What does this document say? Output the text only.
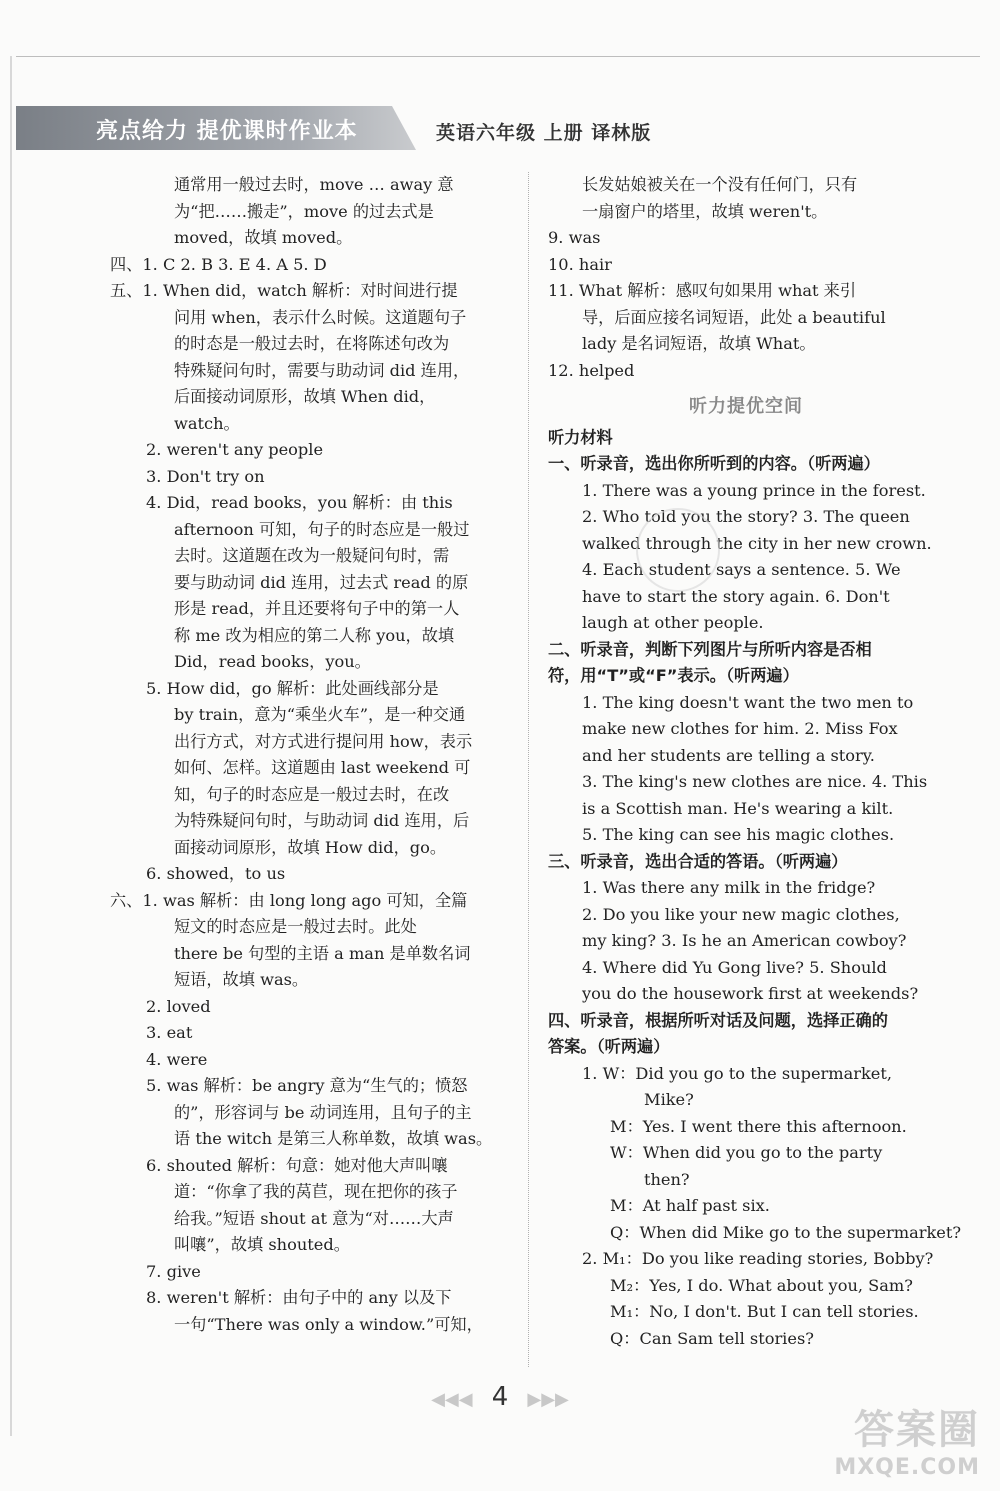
亮点给力 提优课时作业本	英语六年级 上册 译林版
通常用一般过去时，move … away 意
为“把……搬走”，move 的过去式是
moved，故填 moved。
四、1. C 2. B 3. E 4. A 5. D
五、1. When did，watch 解析：对时间进行提
问用 when，表示什么时候。这道题句子
的时态是一般过去时，在将陈述句改为
特殊疑问句时，需要与助动词 did 连用，
后面接动词原形，故填 When did，
watch。
2. weren't any people
3. Don't try on
4. Did，read books，you 解析：由 this
afternoon 可知，句子的时态应是一般过
去时。这道题在改为一般疑问句时，需
要与助动词 did 连用，过去式 read 的原
形是 read，并且还要将句子中的第一人
称 me 改为相应的第二人称 you，故填
Did，read books，you。
5. How did，go 解析：此处画线部分是
by train，意为“乘坐火车”，是一种交通
出行方式，对方式进行提问用 how，表示
如何、怎样。这道题由 last weekend 可
知，句子的时态应是一般过去时，在改
为特殊疑问句时，与助动词 did 连用，后
面接动词原形，故填 How did，go。
6. showed，to us
六、1. was 解析：由 long long ago 可知，全篇
短文的时态应是一般过去时。此处
there be 句型的主语 a man 是单数名词
短语，故填 was。
2. loved
3. eat
4. were
5. was 解析：be angry 意为“生气的；愤怒
的”，形容词与 be 动词连用，且句子的主
语 the witch 是第三人称单数，故填 was。
6. shouted 解析：句意：她对他大声叫嚷
道：“你拿了我的莴苣，现在把你的孩子
给我。”短语 shout at 意为“对……大声
叫嚷”，故填 shouted。
7. give
8. weren't 解析：由句子中的 any 以及下
一句“There was only a window.”可知，
长发姑娘被关在一个没有任何门，只有
一扇窗户的塔里，故填 weren't。
9. was
10. hair
11. What 解析：感叹句如果用 what 来引
导，后面应接名词短语，此处 a beautiful
lady 是名词短语，故填 What。
12. helped
听力提优空间
听力材料
一、听录音，选出你所听到的内容。（听两遍）
1. There was a young prince in the forest.
2. Who told you the story? 3. The queen
walked through the city in her new crown.
4. Each student says a sentence. 5. We
have to start the story again. 6. Don't
laugh at other people.
二、听录音，判断下列图片与所听内容是否相
符，用“T”或“F”表示。（听两遍）
1. The king doesn't want the two men to
make new clothes for him. 2. Miss Fox
and her students are telling a story.
3. The king's new clothes are nice. 4. This
is a Scottish man. He's wearing a kilt.
5. The king can see his magic clothes.
三、听录音，选出合适的答语。（听两遍）
1. Was there any milk in the fridge?
2. Do you like your new magic clothes,
my king? 3. Is he an American cowboy?
4. Where did Yu Gong live? 5. Should
you do the housework first at weekends?
四、听录音，根据所听对话及问题，选择正确的
答案。（听两遍）
1. W：Did you go to the supermarket,
Mike?
M：Yes. I went there this afternoon.
W：When did you go to the party
then?
M：At half past six.
Q：When did Mike go to the supermarket?
2. M₁：Do you like reading stories, Bobby?
M₂：Yes, I do. What about you, Sam?
M₁：No, I don't. But I can tell stories.
Q：Can Sam tell stories?
◀◀◀ 4 ▶▶▶
答案圈
MXQE.COM
